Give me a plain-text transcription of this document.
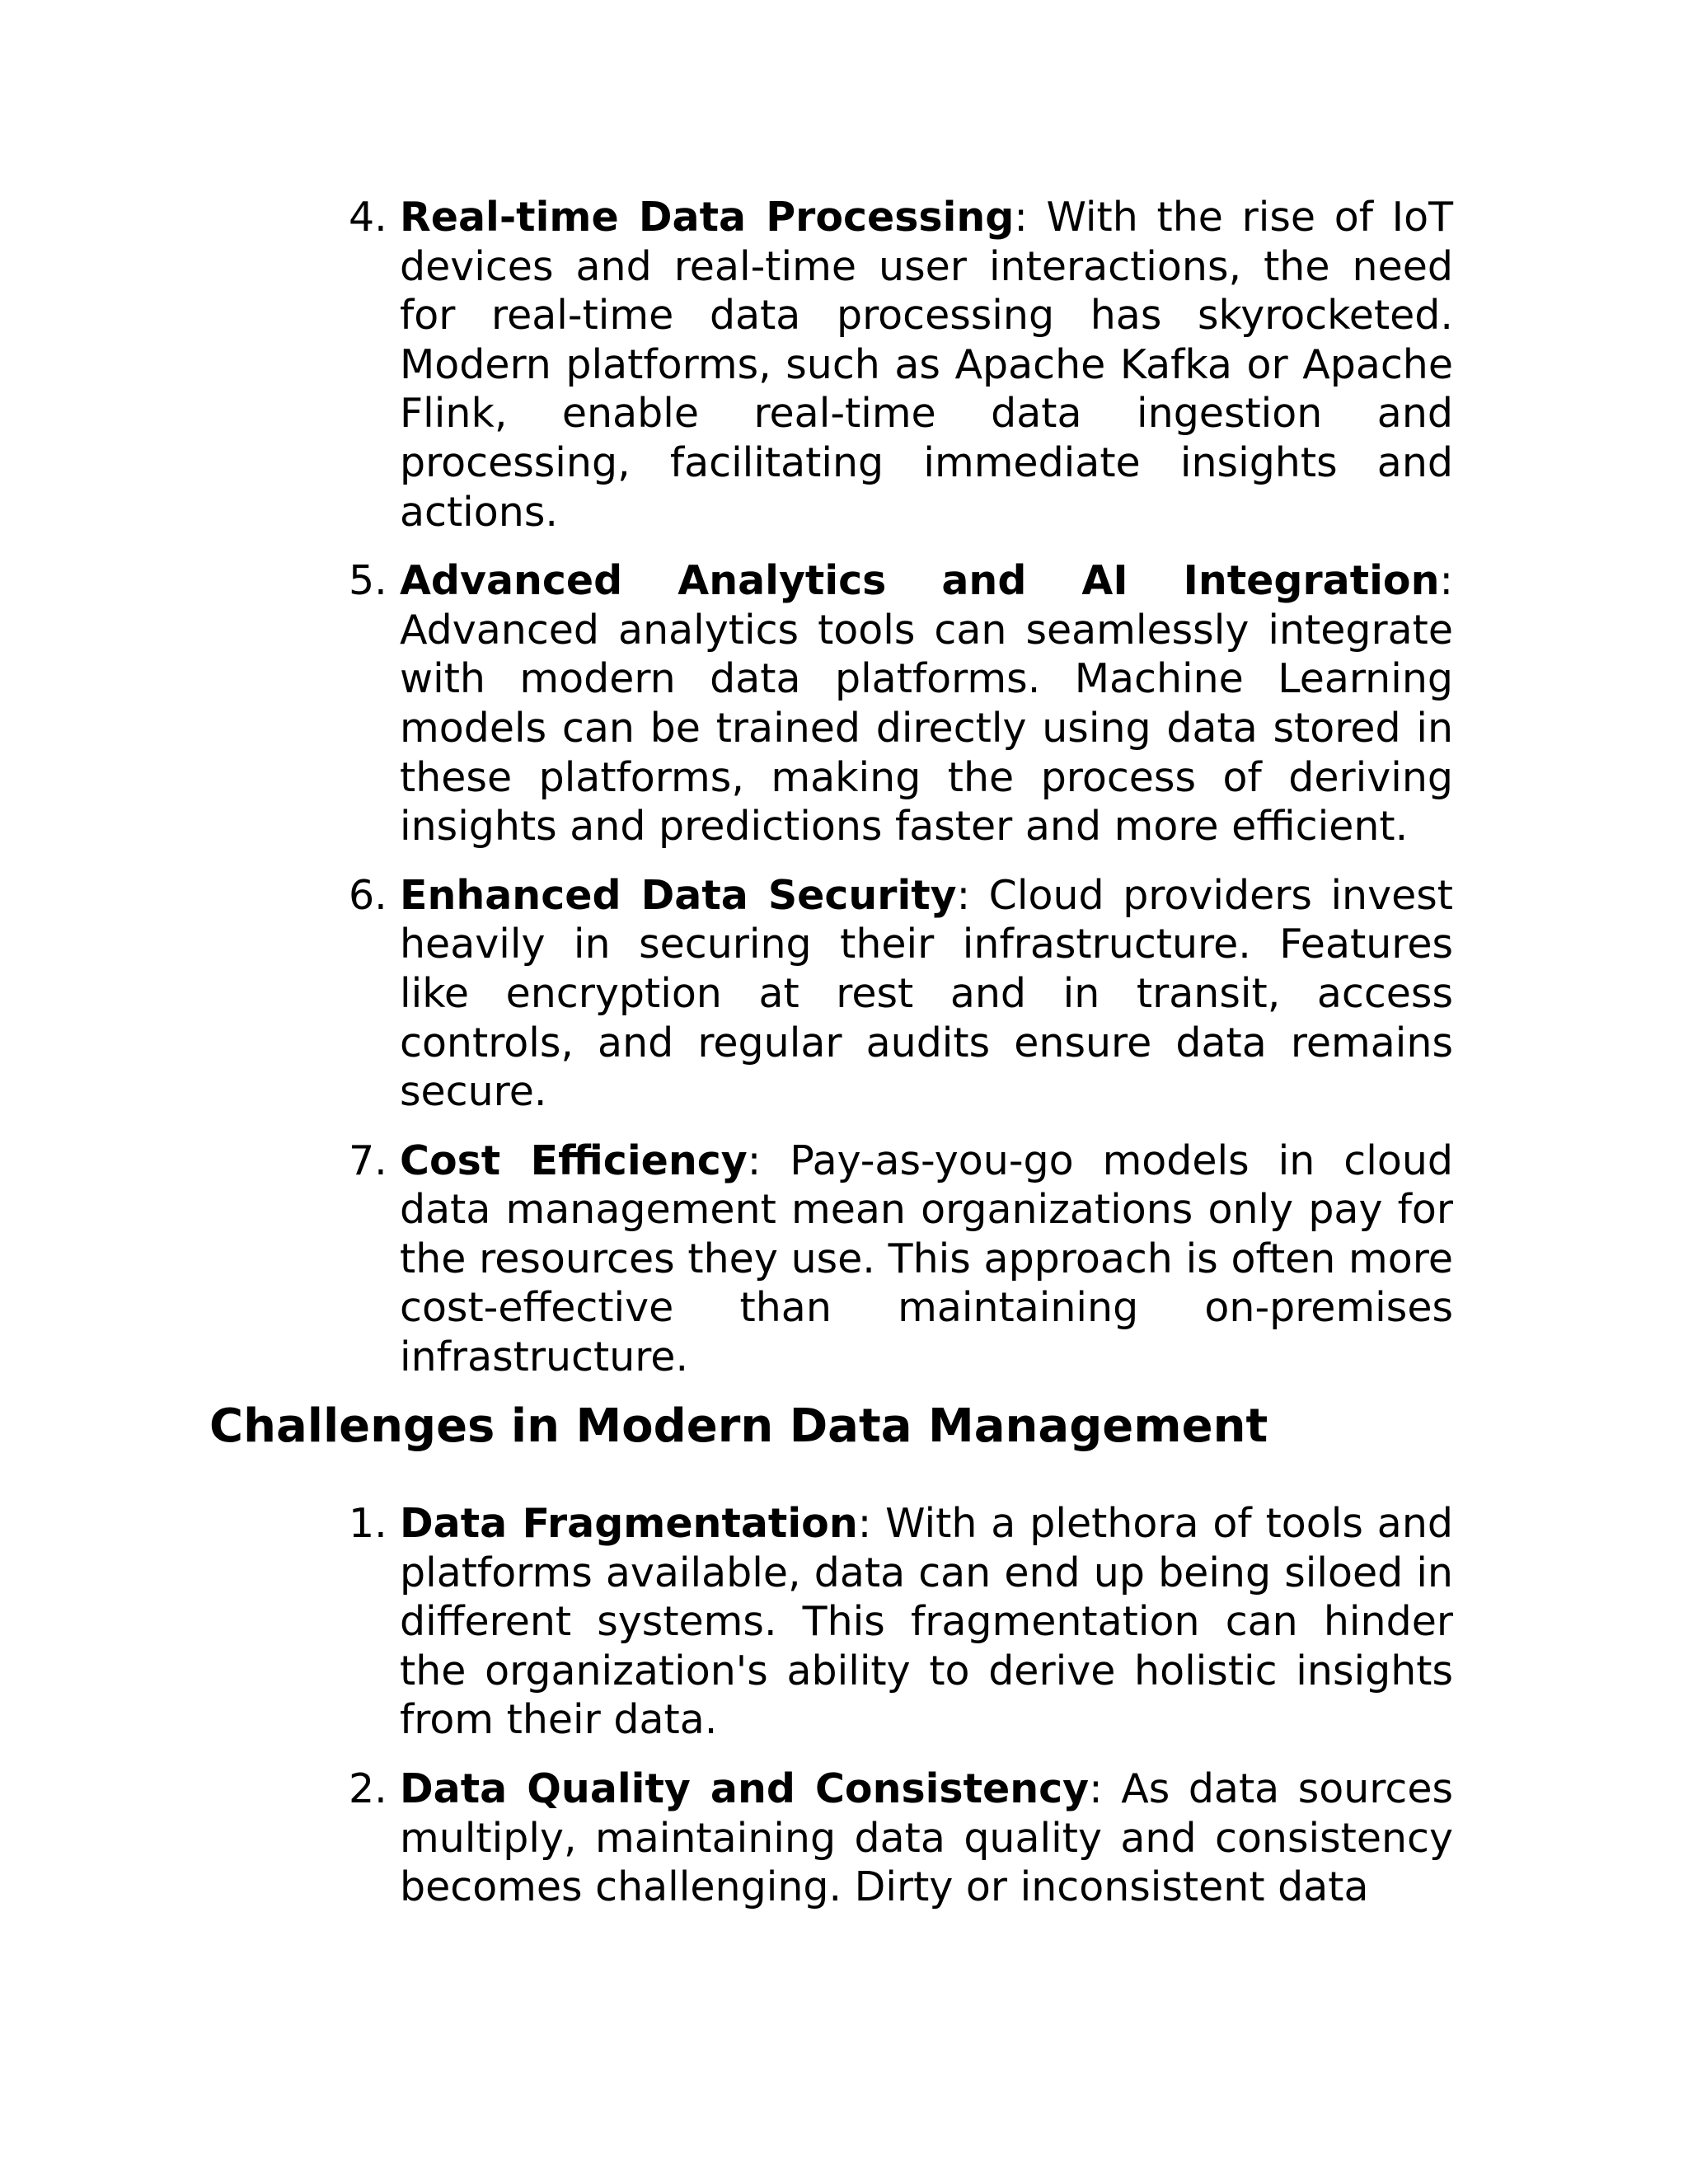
4. Real-time Data Processing: With the rise of IoT devices and real-time user interactions, the need for real-time data processing has skyrocketed. Modern platforms, such as Apache Kafka or Apache Flink, enable real-time data ingestion and processing, facilitating immediate insights and actions.
5. Advanced Analytics and AI Integration: Advanced analytics tools can seamlessly integrate with modern data platforms. Machine Learning models can be trained directly using data stored in these platforms, making the process of deriving insights and predictions faster and more efficient.
6. Enhanced Data Security: Cloud providers invest heavily in securing their infrastructure. Features like encryption at rest and in transit, access controls, and regular audits ensure data remains secure.
7. Cost Efficiency: Pay-as-you-go models in cloud data management mean organizations only pay for the resources they use. This approach is often more cost-effective than maintaining on-premises infrastructure.
Challenges in Modern Data Management
1. Data Fragmentation: With a plethora of tools and platforms available, data can end up being siloed in different systems. This fragmentation can hinder the organization's ability to derive holistic insights from their data.
2. Data Quality and Consistency: As data sources multiply, maintaining data quality and consistency becomes challenging. Dirty or inconsistent data
